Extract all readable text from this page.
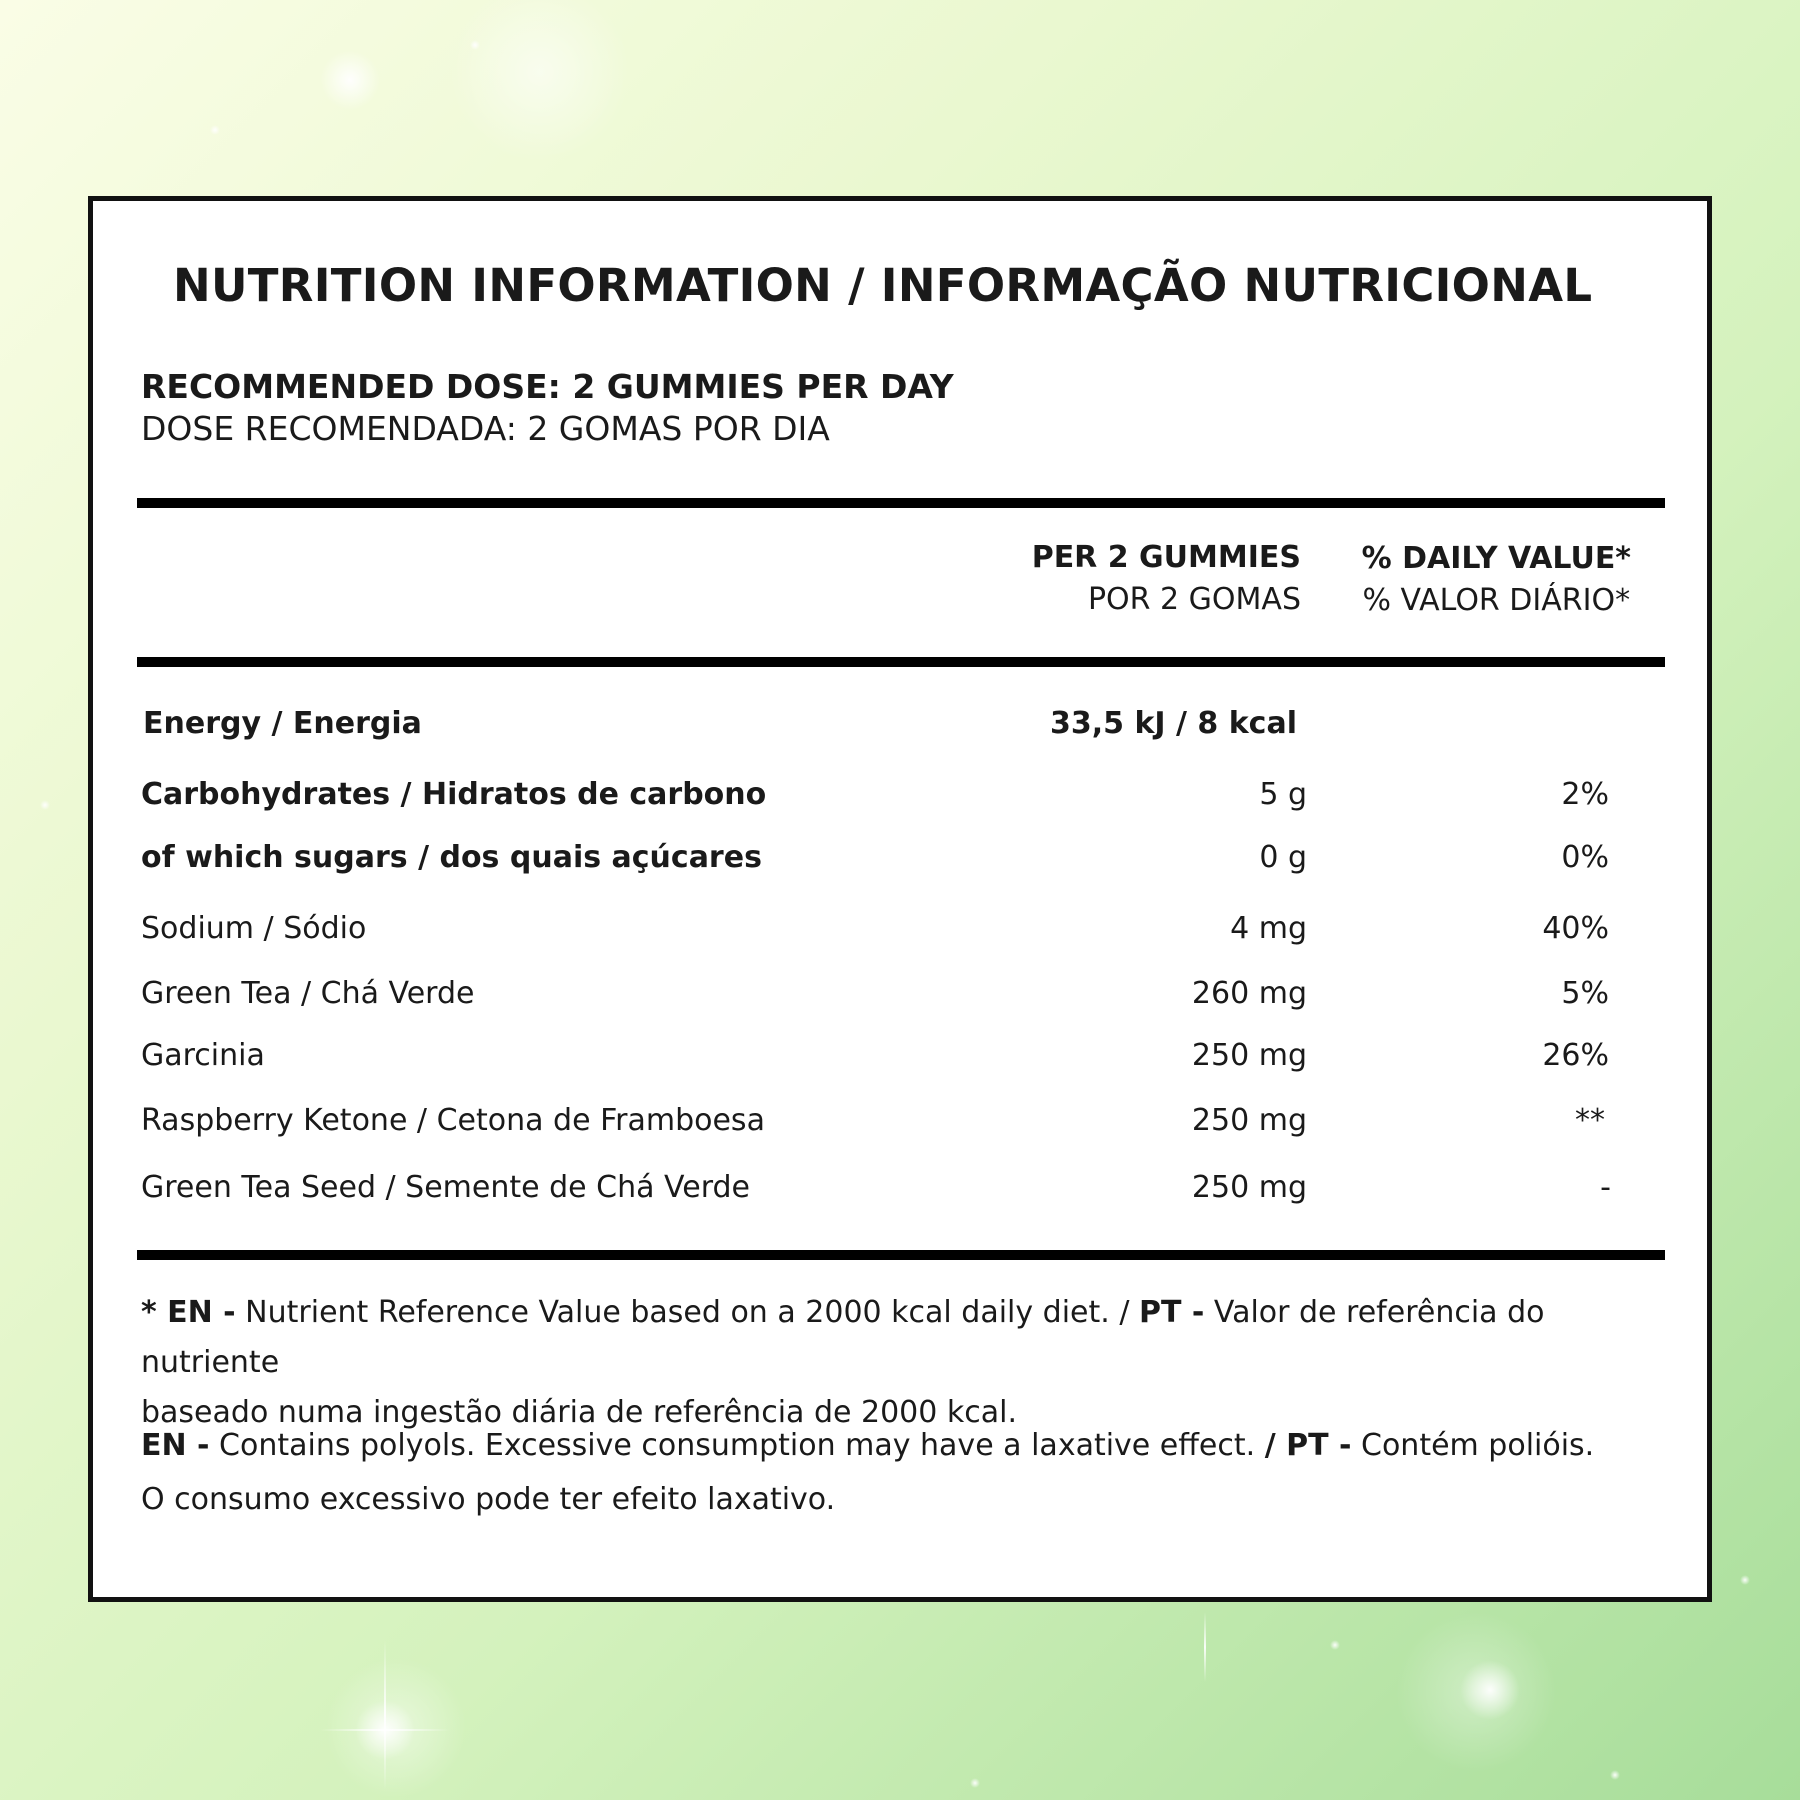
NUTRITION INFORMATION / INFORMAÇÃO NUTRICIONAL
RECOMMENDED DOSE: 2 GUMMIES PER DAY
DOSE RECOMENDADA: 2 GOMAS POR DIA
PER 2 GUMMIES
POR 2 GOMAS
% DAILY VALUE*
% VALOR DIÁRIO*
Energy / Energia	33,5 kJ / 8 kcal
Carbohydrates / Hidratos de carbono	5 g	2%
of which sugars / dos quais açúcares	0 g	0%
Sodium / Sódio	4 mg	40%
Green Tea / Chá Verde	260 mg	5%
Garcinia	250 mg	26%
Raspberry Ketone / Cetona de Framboesa	250 mg	**
Green Tea Seed / Semente de Chá Verde	250 mg	-
* EN - Nutrient Reference Value based on a 2000 kcal daily diet. / PT - Valor de referência do nutriente
baseado numa ingestão diária de referência de 2000 kcal.
EN - Contains polyols. Excessive consumption may have a laxative effect. / PT - Contém polióis.
O consumo excessivo pode ter efeito laxativo.
